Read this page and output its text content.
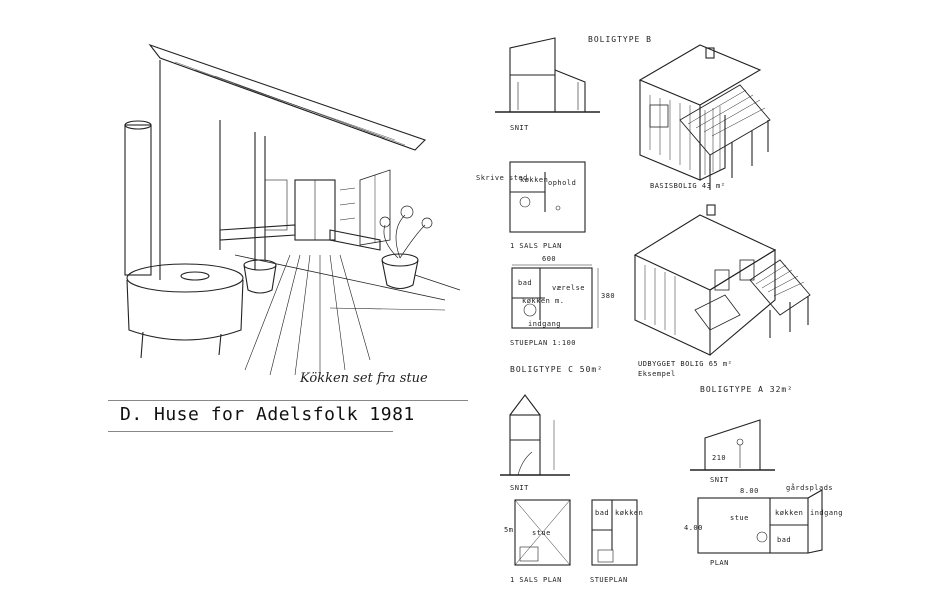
Kökken set fra stue
D. Huse for Adelsfolk 1981
BOLIGTYPE B
SNIT
ophold
køkken
Skrive sted
1 SALS PLAN
bad
værelse
køkken m.
indgang
600
380
STUEPLAN 1:100
BASISBOLIG 43 m²
UDBYGGET BOLIG 65 m²
Eksempel
BOLIGTYPE C 50m²
SNIT
stue
5m
1 SALS PLAN
bad køkken
STUEPLAN
BOLIGTYPE A 32m²
210
SNIT
stue
køkken
bad
gårdsplads
indgang
8.00
4.00
PLAN
